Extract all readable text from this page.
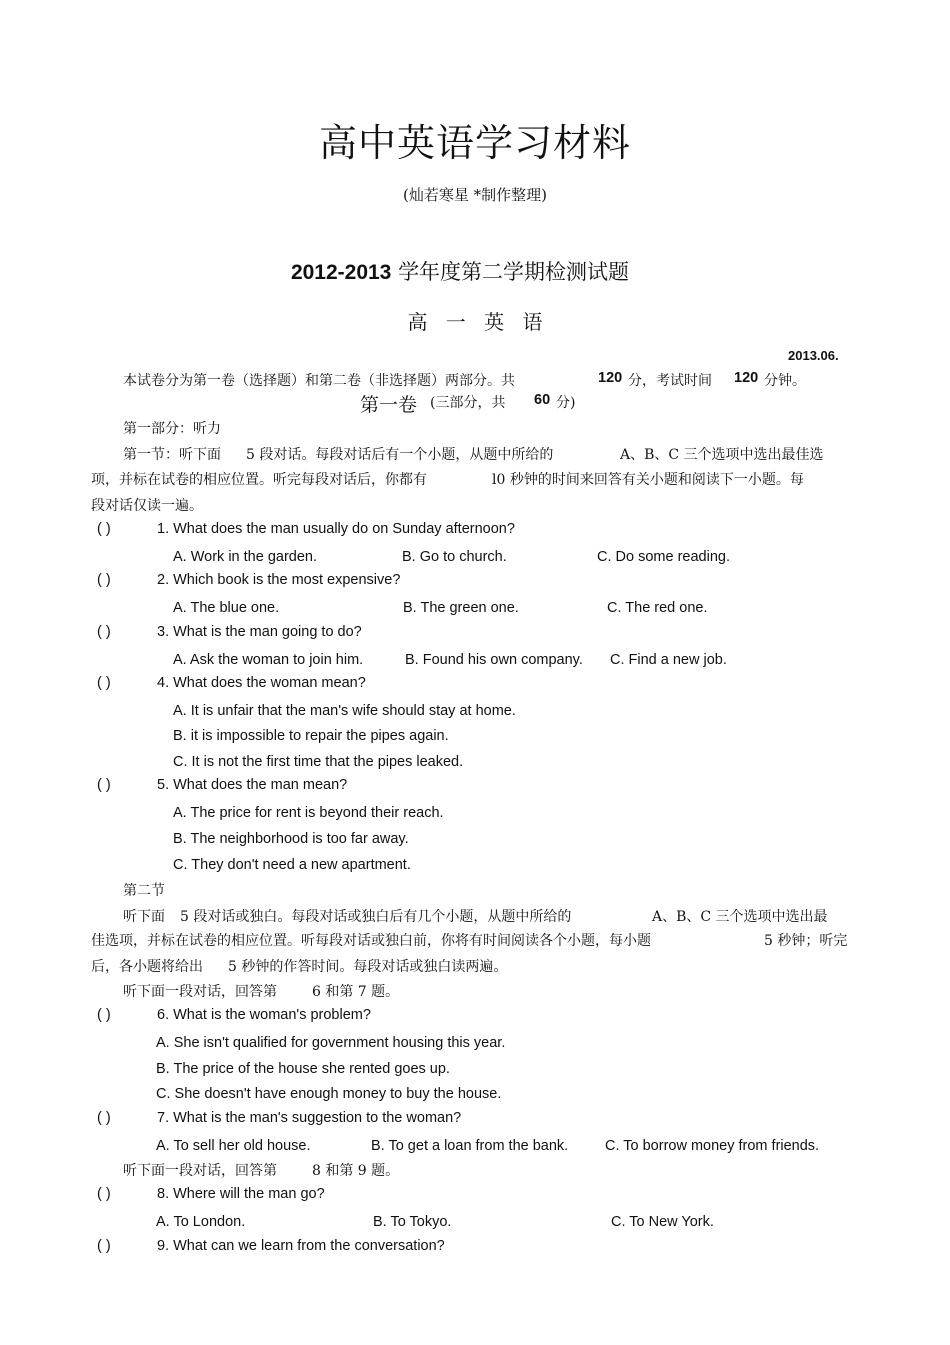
高中英语学习材料
(灿若寒星 *制作整理)
2012-2013 学年度第二学期检测试题
高 一 英 语
2013.06.
本试卷分为第一卷（选择题）和第二卷（非选择题）两部分。共	120 分，考试时间 120 分钟。
第一卷 (三部分，共 60 分)
第一部分：听力
第一节：听下面 5 段对话。每段对话后有一个小题，从题中所给的	A、B、C 三个选项中选出最佳选
项，并标在试卷的相应位置。听完每段对话后，你都有	l0 秒钟的时间来回答有关小题和阅读下一小题。每
段对话仅读一遍。
( )	1. What does the man usually do on Sunday afternoon?
A. Work in the garden.	B. Go to church.	C. Do some reading.
( )	2. Which book is the most expensive?
A. The blue one.	B. The green one.	C. The red one.
( )	3. What is the man going to do?
A. Ask the woman to join him.	B. Found his own company. C. Find a new job.
( )	4. What does the woman mean?
A. It is unfair that the man's wife should stay at home.
B. it is impossible to repair the pipes again.
C. It is not the first time that the pipes leaked.
( )	5. What does the man mean?
A. The price for rent is beyond their reach.
B. The neighborhood is too far away.
C. They don't need a new apartment.
第二节
听下面 5 段对话或独白。每段对话或独白后有几个小题，从题中所给的	A、B、C 三个选项中选出最
佳选项，并标在试卷的相应位置。听每段对话或独白前，你将有时间阅读各个小题，每小题	5 秒钟；听完
后，各小题将给出 5 秒钟的作答时间。每段对话或独白读两遍。
听下面一段对话，回答第	6 和第 7 题。
( )	6. What is the woman's problem?
A. She isn't qualified for government housing this year.
B. The price of the house she rented goes up.
C. She doesn't have enough money to buy the house.
( )	7. What is the man's suggestion to the woman?
A. To sell her old house.	B. To get a loan from the bank.	C. To borrow money from friends.
听下面一段对话，回答第	8 和第 9 题。
( )	8. Where will the man go?
A. To London.	B. To Tokyo.	C. To New York.
( )	9. What can we learn from the conversation?
